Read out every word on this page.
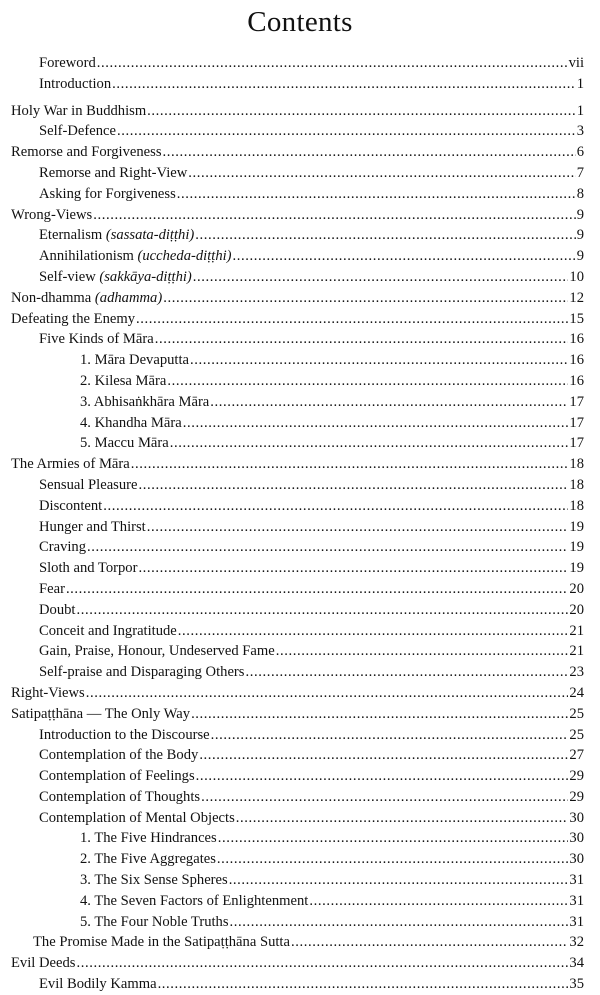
Contents
Foreword .....	vii
Introduction .....	1
Holy War in Buddhism .....	1
Self-Defence .....	3
Remorse and Forgiveness .....	6
Remorse and Right-View .....	7
Asking for Forgiveness .....	8
Wrong-Views .....	9
Eternalism (sassata-diṭṭhi) .....	9
Annihilationism (uccheda-diṭṭhi) .....	9
Self-view (sakkāya-diṭṭhi) .....	10
Non-dhamma (adhamma) .....	12
Defeating the Enemy .....	15
Five Kinds of Māra .....	16
1. Māra Devaputta .....	16
2. Kilesa Māra .....	16
3. Abhisaṅkhāra Māra .....	17
4. Khandha Māra .....	17
5. Maccu Māra .....	17
The Armies of Māra .....	18
Sensual Pleasure .....	18
Discontent .....	18
Hunger and Thirst .....	19
Craving .....	19
Sloth and Torpor .....	19
Fear .....	20
Doubt .....	20
Conceit and Ingratitude .....	21
Gain, Praise, Honour, Undeserved Fame .....	21
Self-praise and Disparaging Others .....	23
Right-Views .....	24
Satipaṭṭhāna — The Only Way .....	25
Introduction to the Discourse .....	25
Contemplation of the Body .....	27
Contemplation of Feelings .....	29
Contemplation of Thoughts .....	29
Contemplation of Mental Objects .....	30
1. The Five Hindrances .....	30
2. The Five Aggregates .....	30
3. The Six Sense Spheres .....	31
4. The Seven Factors of Enlightenment .....	31
5. The Four Noble Truths .....	31
The Promise Made in the Satipaṭṭhāna Sutta .....	32
Evil Deeds .....	34
Evil Bodily Kamma .....	35
